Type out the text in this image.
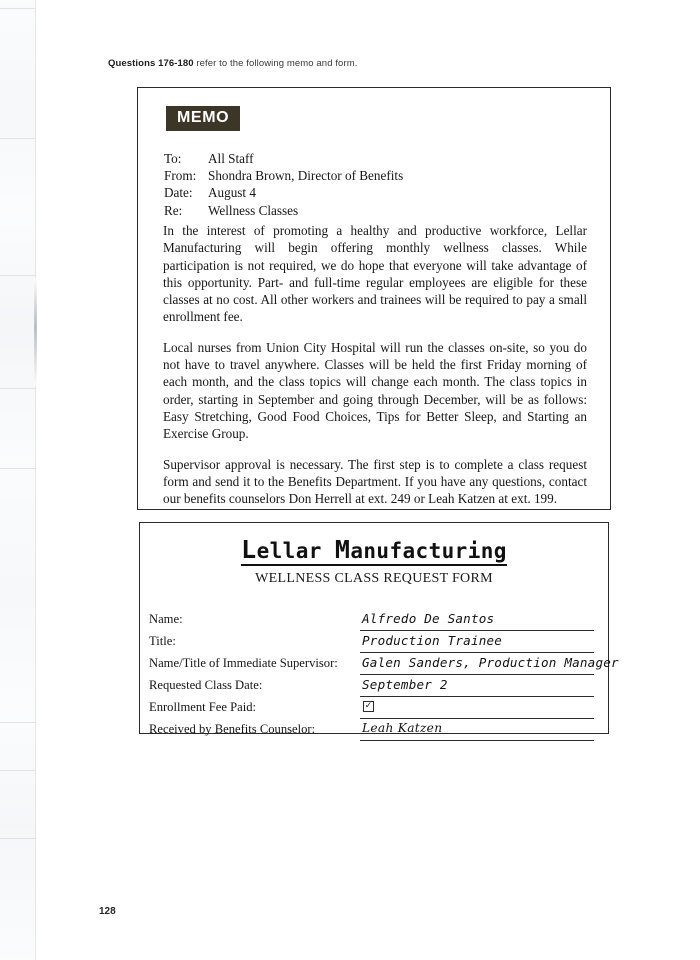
Questions 176-180 refer to the following memo and form.
MEMO
To: All Staff
From: Shondra Brown, Director of Benefits
Date: August 4
Re: Wellness Classes

In the interest of promoting a healthy and productive workforce, Lellar Manufacturing will begin offering monthly wellness classes. While participation is not required, we do hope that everyone will take advantage of this opportunity. Part- and full-time regular employees are eligible for these classes at no cost. All other workers and trainees will be required to pay a small enrollment fee.

Local nurses from Union City Hospital will run the classes on-site, so you do not have to travel anywhere. Classes will be held the first Friday morning of each month, and the class topics will change each month. The class topics in order, starting in September and going through December, will be as follows: Easy Stretching, Good Food Choices, Tips for Better Sleep, and Starting an Exercise Group.

Supervisor approval is necessary. The first step is to complete a class request form and send it to the Benefits Department. If you have any questions, contact our benefits counselors Don Herrell at ext. 249 or Leah Katzen at ext. 199.

Lellar Manufacturing
WELLNESS CLASS REQUEST FORM
Name:	Alfredo De Santos
Title:	Production Trainee
Name/Title of Immediate Supervisor: Galen Sanders, Production Manager
Requested Class Date:	September 2
Enrollment Fee Paid:	✓
Received by Benefits Counselor:	Leah Katzen
128
